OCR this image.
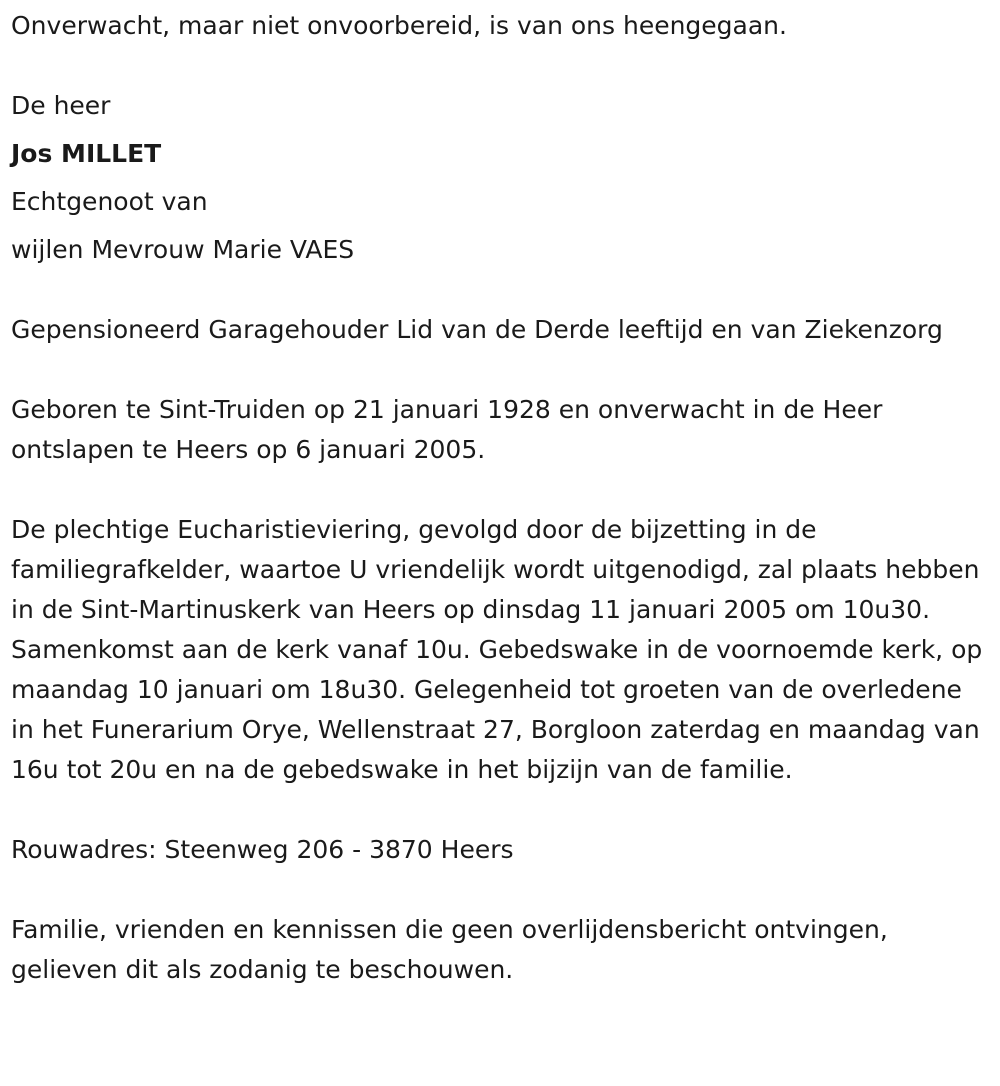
Onverwacht, maar niet onvoorbereid, is van ons heengegaan.

De heer

Jos MILLET

Echtgenoot van

wijlen Mevrouw Marie VAES

Gepensioneerd Garagehouder Lid van de Derde leeftijd en van Ziekenzorg

Geboren te Sint-Truiden op 21 januari 1928 en onverwacht in de Heer ontslapen te Heers op 6 januari 2005.

De plechtige Eucharistieviering, gevolgd door de bijzetting in de familiegrafkelder, waartoe U vriendelijk wordt uitgenodigd, zal plaats hebben in de Sint-Martinuskerk van Heers op dinsdag 11 januari 2005 om 10u30. Samenkomst aan de kerk vanaf 10u. Gebedswake in de voornoemde kerk, op maandag 10 januari om 18u30. Gelegenheid tot groeten van de overledene in het Funerarium Orye, Wellenstraat 27, Borgloon zaterdag en maandag van 16u tot 20u en na de gebedswake in het bijzijn van de familie.

Rouwadres: Steenweg 206 - 3870 Heers

Familie, vrienden en kennissen die geen overlijdensbericht ontvingen, gelieven dit als zodanig te beschouwen.
